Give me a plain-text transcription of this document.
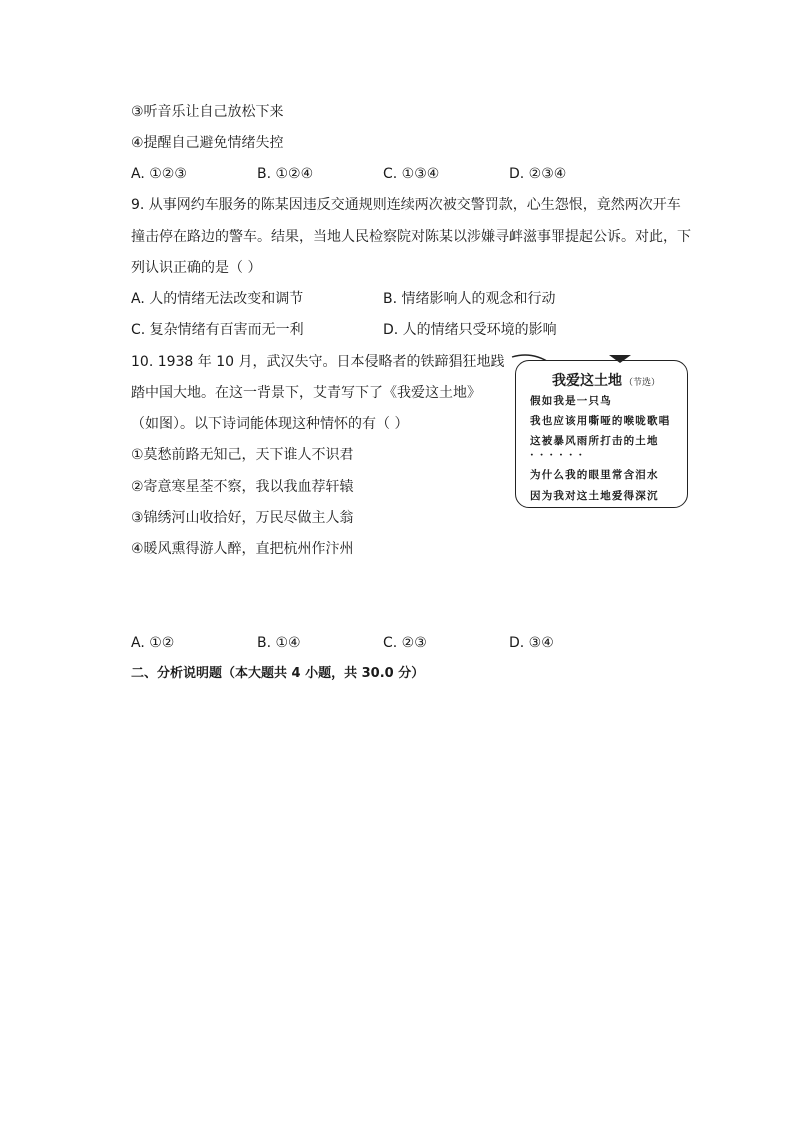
③听音乐让自己放松下来
④提醒自己避免情绪失控
A. ①②③	B. ①②④	C. ①③④	D. ②③④
9. 从事网约车服务的陈某因违反交通规则连续两次被交警罚款，心生怨恨，竟然两次开车
撞击停在路边的警车。结果，当地人民检察院对陈某以涉嫌寻衅滋事罪提起公诉。对此，下
列认识正确的是（ ）
A. 人的情绪无法改变和调节	B. 情绪影响人的观念和行动
C. 复杂情绪有百害而无一利	D. 人的情绪只受环境的影响
10. 1938 年 10 月，武汉失守。日本侵略者的铁蹄猖狂地践
踏中国大地。在这一背景下，艾青写下了《我爱这土地》
（如图）。以下诗词能体现这种情怀的有（ ）
①莫愁前路无知己，天下谁人不识君
②寄意寒星荃不察，我以我血荐轩辕
③锦绣河山收拾好，万民尽做主人翁
④暖风熏得游人醉，直把杭州作汴州
我爱这土地 （节选）
假如我是一只鸟
我也应该用嘶哑的喉咙歌唱
这被暴风雨所打击的土地
· · · · · ·
为什么我的眼里常含泪水
因为我对这土地爱得深沉
A. ①②	B. ①④	C. ②③	D. ③④
二、分析说明题（本大题共 4 小题，共 30.0 分）
